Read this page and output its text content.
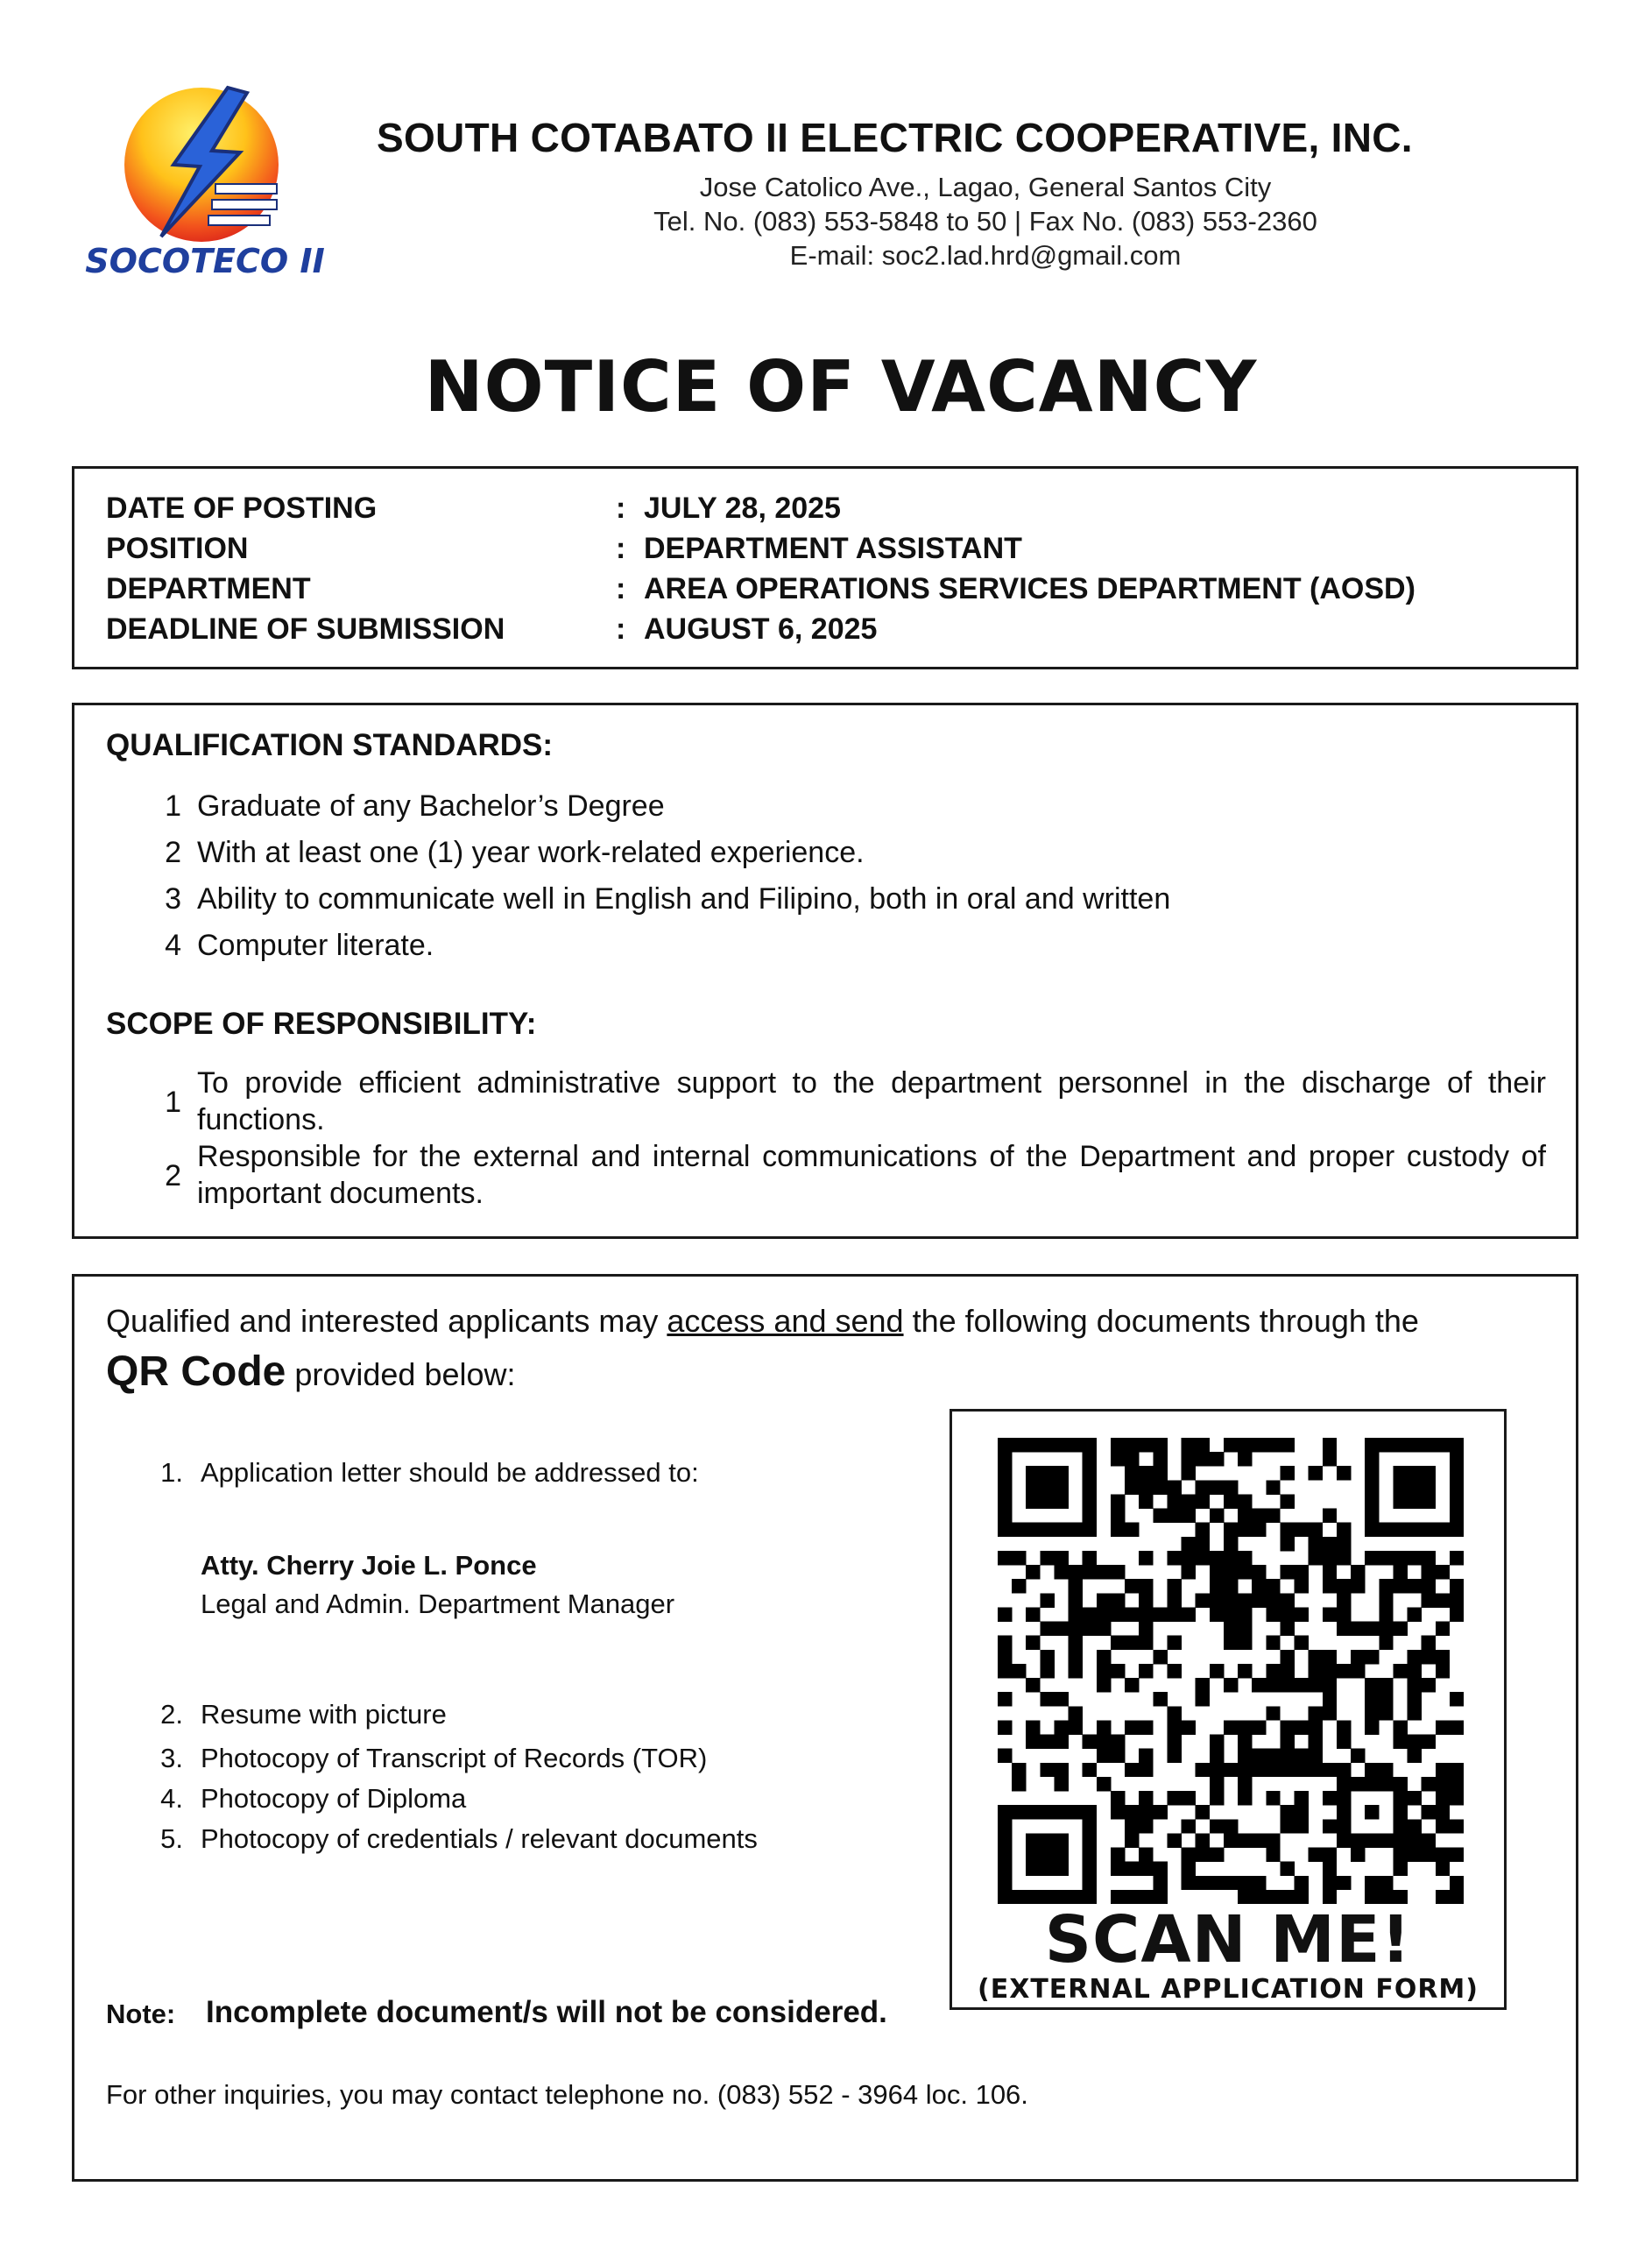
SOCOTECO II
SOUTH COTABATO II ELECTRIC COOPERATIVE, INC.
Jose Catolico Ave., Lagao, General Santos City
Tel. No. (083) 553-5848 to 50 | Fax No. (083) 553-2360
E-mail: soc2.lad.hrd@gmail.com
NOTICE OF VACANCY
DATE OF POSTING	: JULY 28, 2025
POSITION	: DEPARTMENT ASSISTANT
DEPARTMENT	: AREA OPERATIONS SERVICES DEPARTMENT (AOSD)
DEADLINE OF SUBMISSION	: AUGUST 6, 2025
QUALIFICATION STANDARDS:
1 Graduate of any Bachelor’s Degree
2 With at least one (1) year work-related experience.
3 Ability to communicate well in English and Filipino, both in oral and written
4 Computer literate.
SCOPE OF RESPONSIBILITY:
1
To provide efficient administrative support to the department personnel in the discharge of their functions.
2
Responsible for the external and internal communications of the Department and proper custody of important documents.
Qualified and interested applicants may access and send the following documents through the
QR Code provided below:
1. Application letter should be addressed to:
Atty. Cherry Joie L. Ponce
Legal and Admin. Department Manager
2. Resume with picture
3. Photocopy of Transcript of Records (TOR)
4. Photocopy of Diploma
5. Photocopy of credentials / relevant documents
Note: Incomplete document/s will not be considered.
For other inquiries, you may contact telephone no. (083) 552 - 3964 loc. 106.
SCAN ME!
(EXTERNAL APPLICATION FORM)
